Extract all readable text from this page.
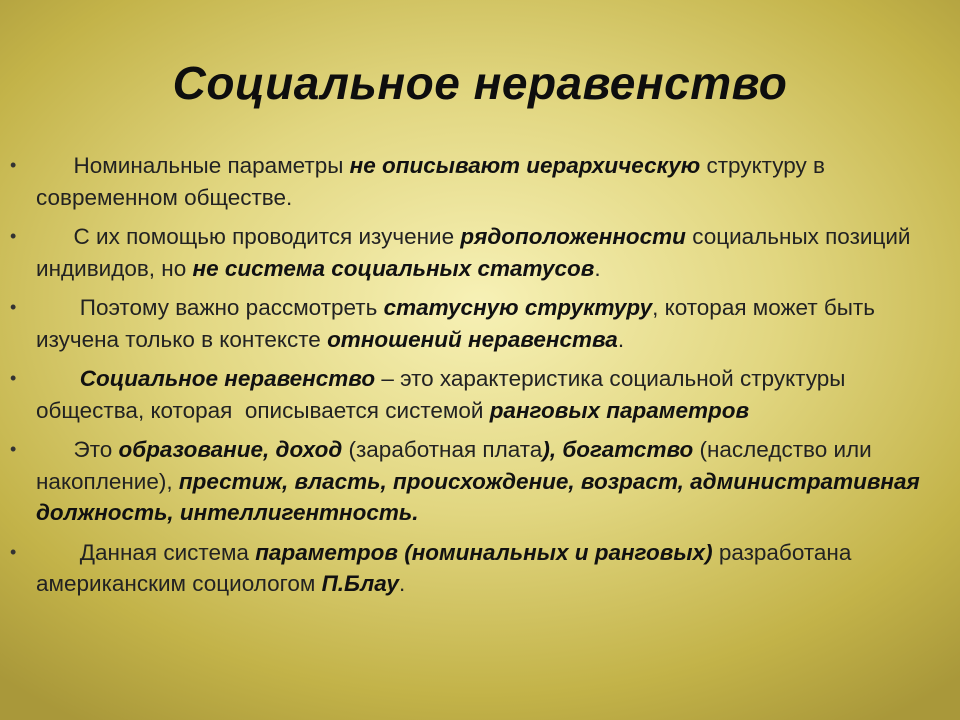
Социальное неравенство
• Номинальные параметры не описывают иерархическую структуру в современном обществе.
• С их помощью проводится изучение рядоположенности социальных позиций индивидов, но не система социальных статусов.
• Поэтому важно рассмотреть статусную структуру, которая может быть изучена только в контексте отношений неравенства.
•	Социальное неравенство – это характеристика социальной структуры общества, которая  описывается системой ранговых параметров
• Это образование, доход (заработная плата), богатство (наследство или накопление), престиж, власть, происхождение, возраст, административная должность, интеллигентность.
• Данная система параметров (номинальных и ранговых) разработана американским социологом П.Блау.
